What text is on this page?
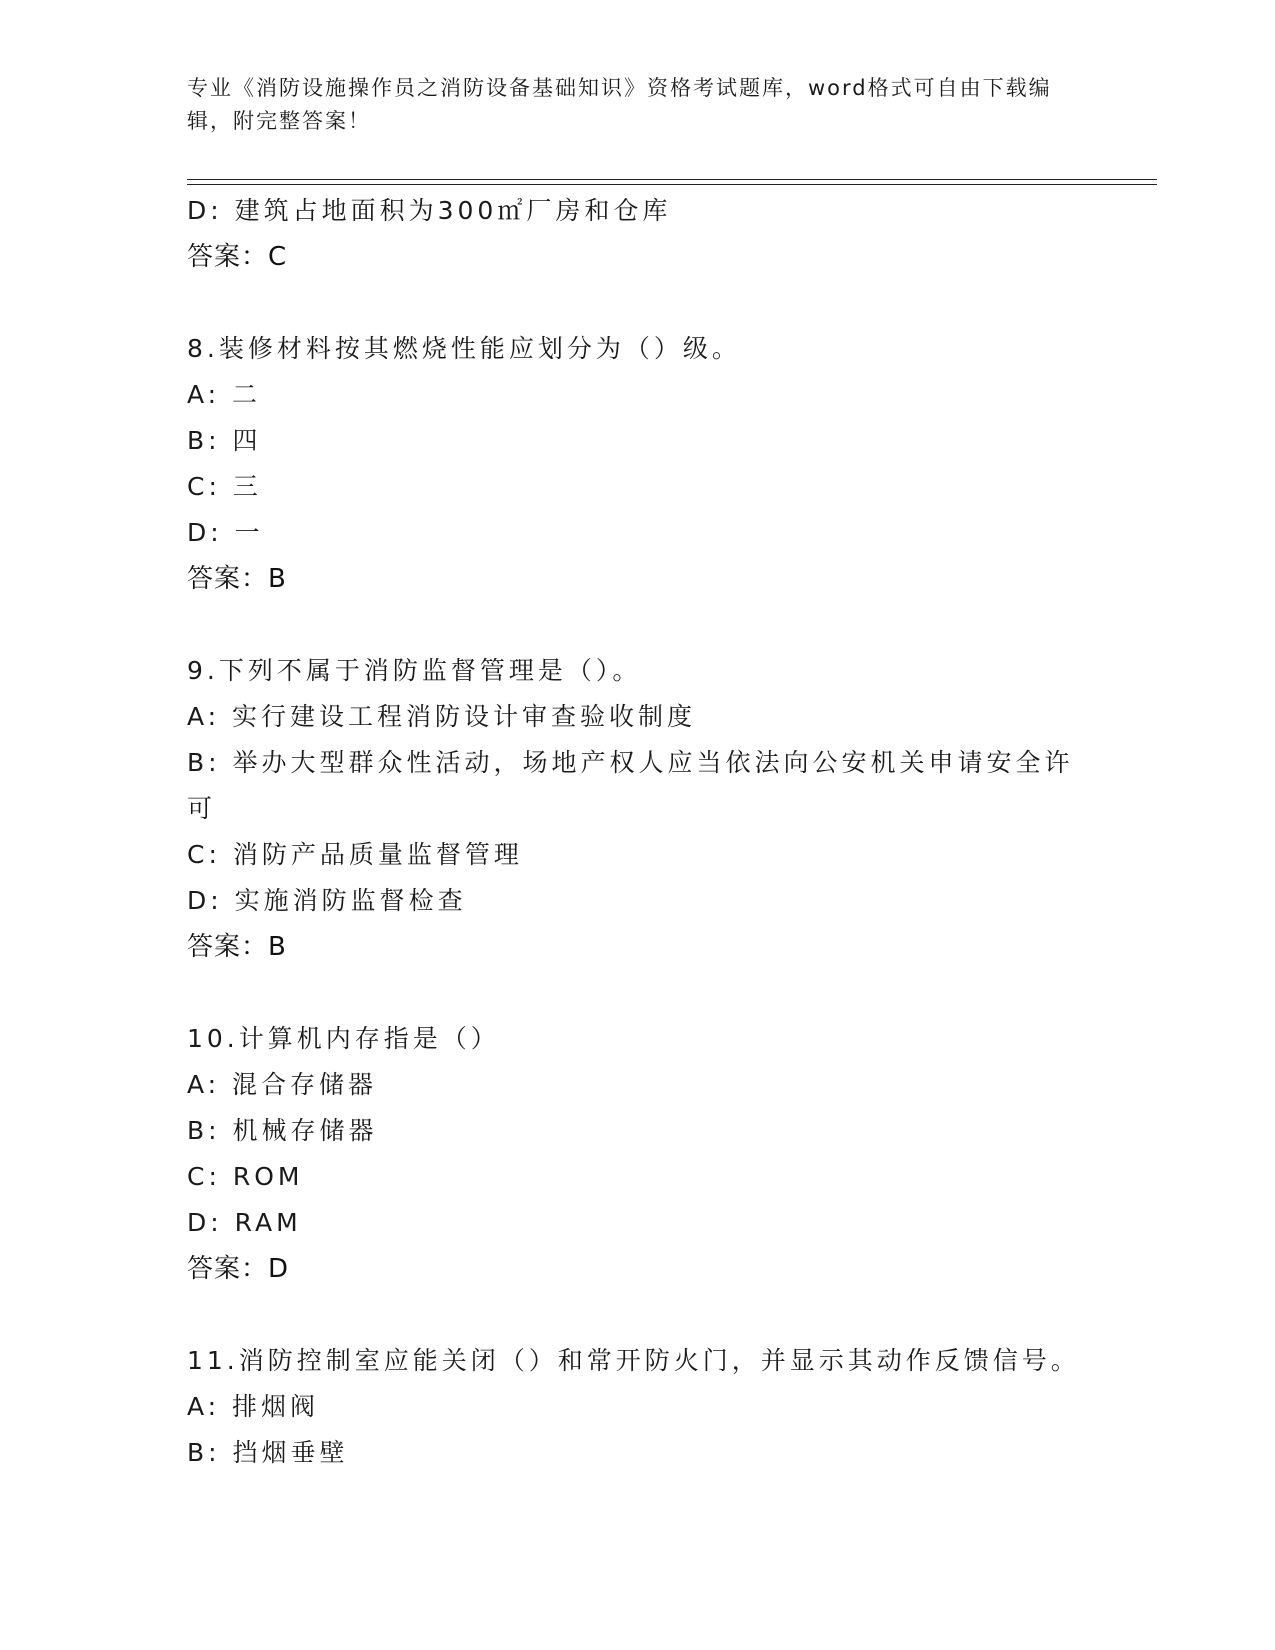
专业《消防设施操作员之消防设备基础知识》资格考试题库，word格式可自由下载编辑，附完整答案！
D: 建筑占地面积为300㎡厂房和仓库
答案：C
8.装修材料按其燃烧性能应划分为（）级。
A: 二
B: 四
C: 三
D: 一
答案：B
9.下列不属于消防监督管理是（）。
A: 实行建设工程消防设计审查验收制度
B: 举办大型群众性活动，场地产权人应当依法向公安机关申请安全许可
C: 消防产品质量监督管理
D: 实施消防监督检查
答案：B
10.计算机内存指是（）
A: 混合存储器
B: 机械存储器
C: ROM
D: RAM
答案：D
11.消防控制室应能关闭（）和常开防火门，并显示其动作反馈信号。
A: 排烟阀
B: 挡烟垂壁
